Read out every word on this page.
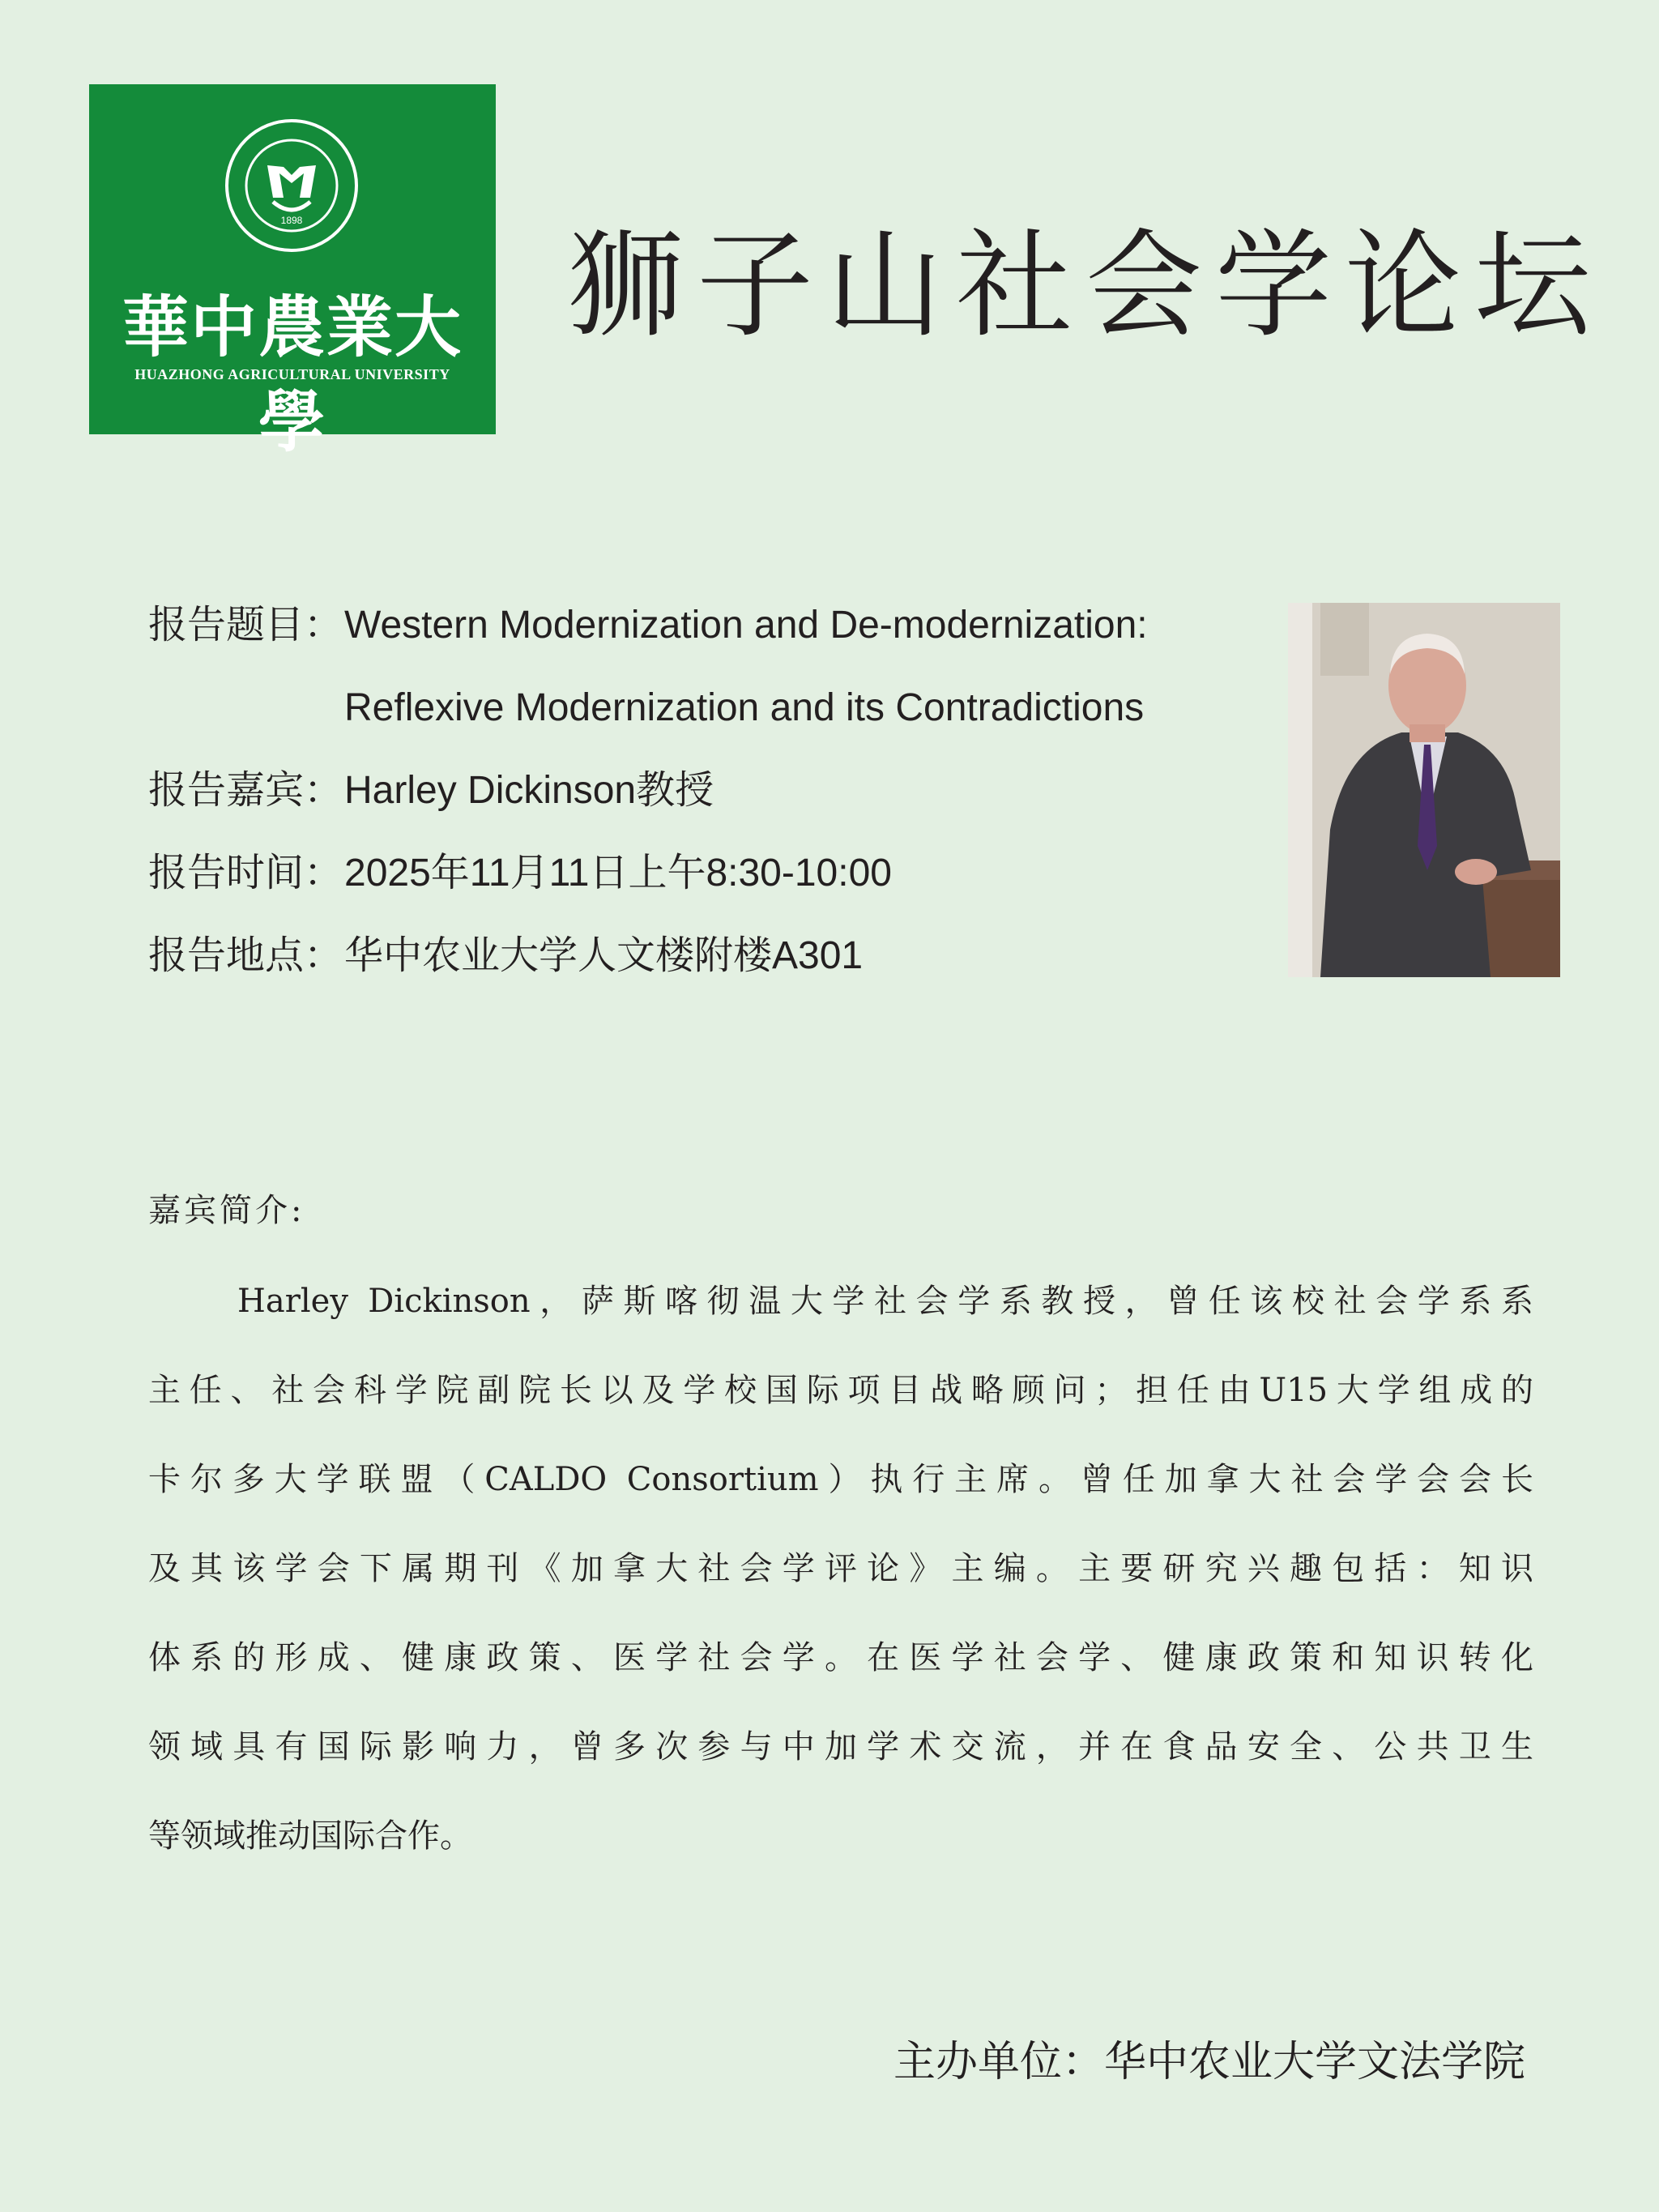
1898
華中農業大學
HUAZHONG AGRICULTURAL UNIVERSITY
狮子山社会学论坛
报告题目：Western Modernization and De-modernization:
Reflexive Modernization and its Contradictions
报告嘉宾：Harley Dickinson教授
报告时间：2025年11月11日上午8:30-10:00
报告地点：华中农业大学人文楼附楼A301
嘉宾简介:
Harley Dickinson，萨斯喀彻温大学社会学系教授，曾任该校社会学系系
主任、社会科学院副院长以及学校国际项目战略顾问；担任由U15大学组成的
卡尔多大学联盟（CALDO Consortium）执行主席。曾任加拿大社会学会会长
及其该学会下属期刊《加拿大社会学评论》主编。主要研究兴趣包括：知识
体系的形成、健康政策、医学社会学。在医学社会学、健康政策和知识转化
领域具有国际影响力，曾多次参与中加学术交流，并在食品安全、公共卫生
等领域推动国际合作。
主办单位：华中农业大学文法学院
